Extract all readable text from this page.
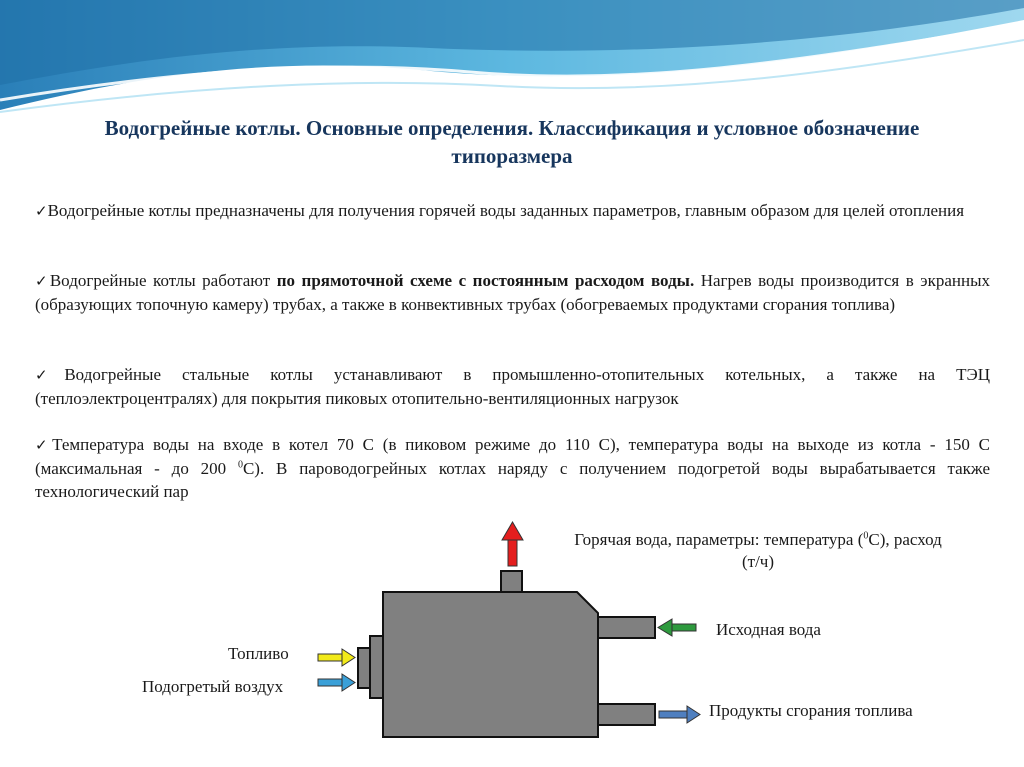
Водогрейные котлы. Основные определения. Классификация и условное обозначение типоразмера
✓Водогрейные котлы предназначены для получения горячей воды заданных параметров, главным образом для целей отопления
✓Водогрейные котлы работают по прямоточной схеме с постоянным расходом воды. Нагрев воды производится в экранных (образующих топочную камеру) трубах, а также в конвективных трубах (обогреваемых продуктами сгорания топлива)
✓Водогрейные стальные котлы устанавливают в промышленно-отопительных котельных, а также на ТЭЦ (теплоэлектроцентралях) для покрытия пиковых отопительно-вентиляционных нагрузок
✓Температура воды на входе в котел 70 С (в пиковом режиме до 110 С), температура воды на выходе из котла - 150 С (максимальная - до 200 $^0$С). В пароводогрейных котлах наряду с получением подогретой воды вырабатывается также технологический пар
Горячая вода, параметры: температура ($^0$С), расход (т/ч)
Исходная вода
Топливо
Подогретый воздух
Продукты сгорания топлива
